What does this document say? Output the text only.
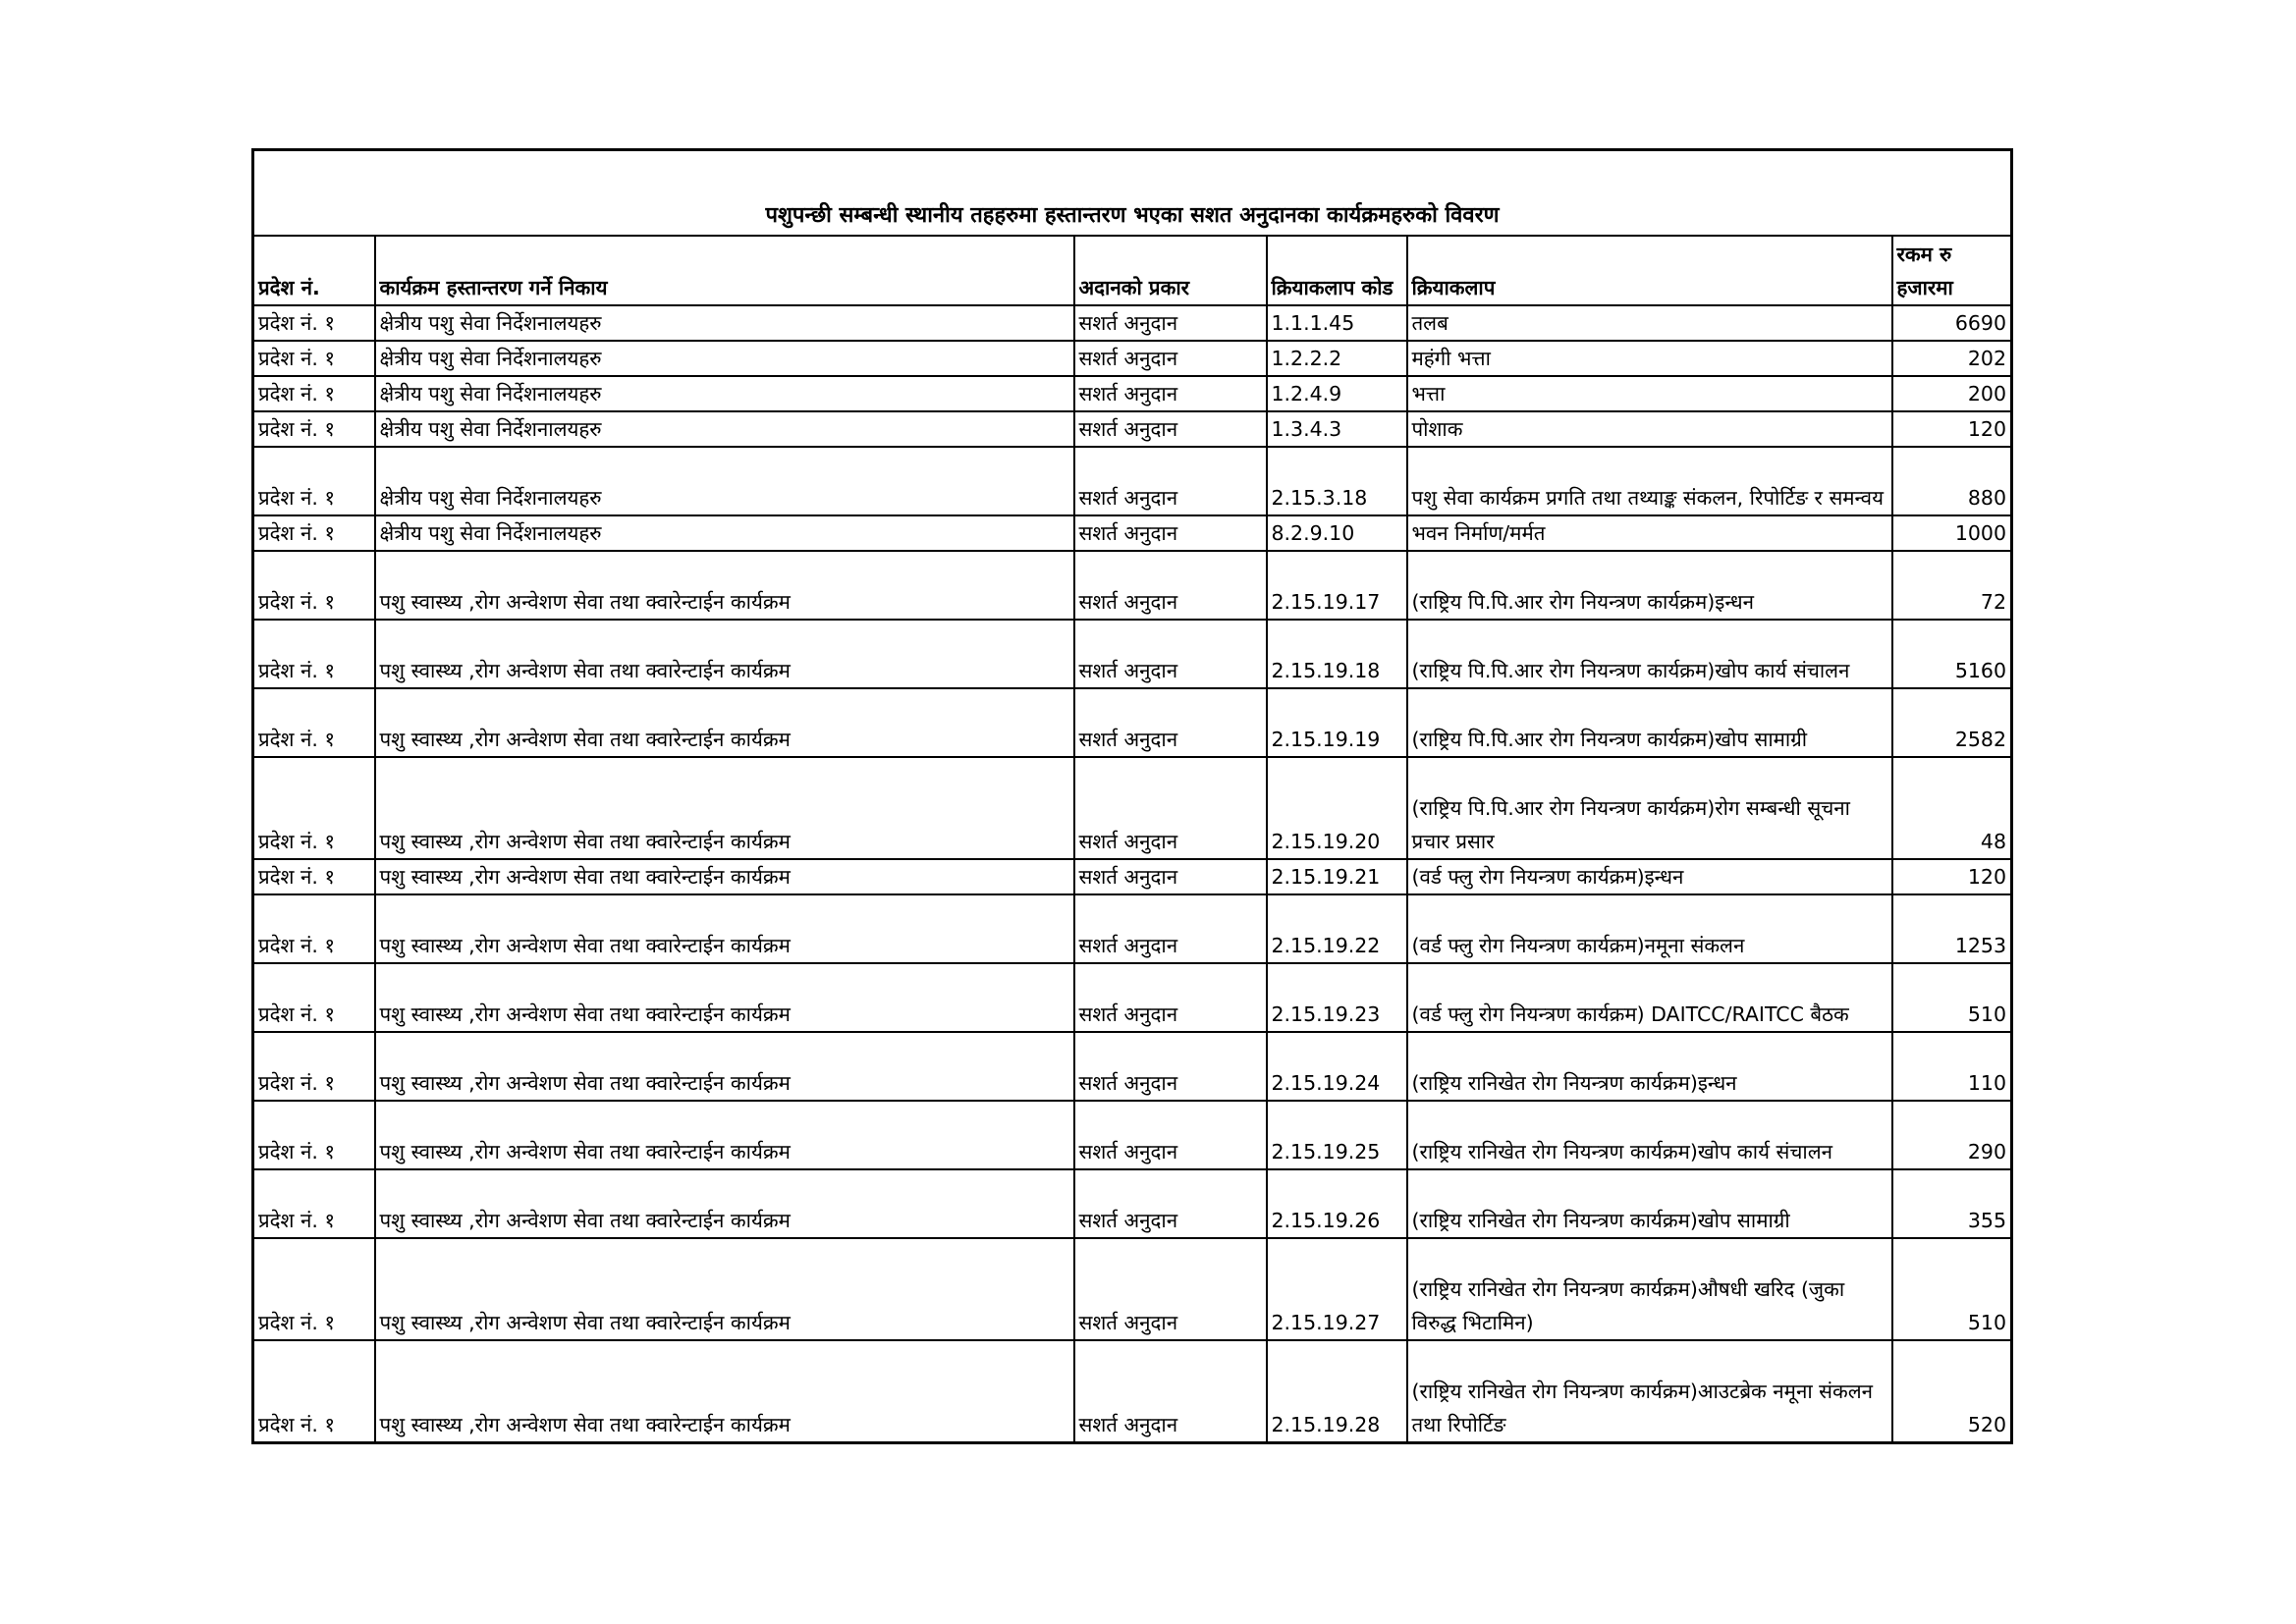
पशुपन्छी सम्बन्धी स्थानीय तहहरुमा हस्तान्तरण भएका सशत अनुदानका कार्यक्रमहरुको विवरण					
प्रदेश नं.	कार्यक्रम हस्तान्तरण गर्ने निकाय	अदानको प्रकार	क्रियाकलाप कोड	क्रियाकलाप	रकम रु हजारमा
प्रदेश नं. १	क्षेत्रीय पशु सेवा निर्देशनालयहरु	सशर्त अनुदान	1.1.1.45	तलब	6690
प्रदेश नं. १	क्षेत्रीय पशु सेवा निर्देशनालयहरु	सशर्त अनुदान	1.2.2.2	महंगी भत्ता	202
प्रदेश नं. १	क्षेत्रीय पशु सेवा निर्देशनालयहरु	सशर्त अनुदान	1.2.4.9	भत्ता	200
प्रदेश नं. १	क्षेत्रीय पशु सेवा निर्देशनालयहरु	सशर्त अनुदान	1.3.4.3	पोशाक	120
प्रदेश नं. १	क्षेत्रीय पशु सेवा निर्देशनालयहरु	सशर्त अनुदान	2.15.3.18	पशु सेवा कार्यक्रम प्रगति तथा तथ्याङ्क संकलन, रिपोर्टिङ र समन्वय	880
प्रदेश नं. १	क्षेत्रीय पशु सेवा निर्देशनालयहरु	सशर्त अनुदान	8.2.9.10	भवन निर्माण/मर्मत	1000
प्रदेश नं. १	पशु स्वास्थ्य ,रोग अन्वेशण सेवा तथा क्वारेन्टाईन कार्यक्रम	सशर्त अनुदान	2.15.19.17	(राष्ट्रिय पि.पि.आर रोग नियन्त्रण कार्यक्रम)इन्धन	72
प्रदेश नं. १	पशु स्वास्थ्य ,रोग अन्वेशण सेवा तथा क्वारेन्टाईन कार्यक्रम	सशर्त अनुदान	2.15.19.18	(राष्ट्रिय पि.पि.आर रोग नियन्त्रण कार्यक्रम)खोप कार्य संचालन	5160
प्रदेश नं. १	पशु स्वास्थ्य ,रोग अन्वेशण सेवा तथा क्वारेन्टाईन कार्यक्रम	सशर्त अनुदान	2.15.19.19	(राष्ट्रिय पि.पि.आर रोग नियन्त्रण कार्यक्रम)खोप सामाग्री	2582
प्रदेश नं. १	पशु स्वास्थ्य ,रोग अन्वेशण सेवा तथा क्वारेन्टाईन कार्यक्रम	सशर्त अनुदान	2.15.19.20	(राष्ट्रिय पि.पि.आर रोग नियन्त्रण कार्यक्रम)रोग सम्बन्धी सूचना प्रचार प्रसार	48
प्रदेश नं. १	पशु स्वास्थ्य ,रोग अन्वेशण सेवा तथा क्वारेन्टाईन कार्यक्रम	सशर्त अनुदान	2.15.19.21	(वर्ड फ्लु रोग नियन्त्रण कार्यक्रम)इन्धन	120
प्रदेश नं. १	पशु स्वास्थ्य ,रोग अन्वेशण सेवा तथा क्वारेन्टाईन कार्यक्रम	सशर्त अनुदान	2.15.19.22	(वर्ड फ्लु रोग नियन्त्रण कार्यक्रम)नमूना संकलन	1253
प्रदेश नं. १	पशु स्वास्थ्य ,रोग अन्वेशण सेवा तथा क्वारेन्टाईन कार्यक्रम	सशर्त अनुदान	2.15.19.23	(वर्ड फ्लु रोग नियन्त्रण कार्यक्रम) DAITCC/RAITCC बैठक	510
प्रदेश नं. १	पशु स्वास्थ्य ,रोग अन्वेशण सेवा तथा क्वारेन्टाईन कार्यक्रम	सशर्त अनुदान	2.15.19.24	(राष्ट्रिय रानिखेत रोग नियन्त्रण कार्यक्रम)इन्धन	110
प्रदेश नं. १	पशु स्वास्थ्य ,रोग अन्वेशण सेवा तथा क्वारेन्टाईन कार्यक्रम	सशर्त अनुदान	2.15.19.25	(राष्ट्रिय रानिखेत रोग नियन्त्रण कार्यक्रम)खोप कार्य संचालन	290
प्रदेश नं. १	पशु स्वास्थ्य ,रोग अन्वेशण सेवा तथा क्वारेन्टाईन कार्यक्रम	सशर्त अनुदान	2.15.19.26	(राष्ट्रिय रानिखेत रोग नियन्त्रण कार्यक्रम)खोप सामाग्री	355
प्रदेश नं. १	पशु स्वास्थ्य ,रोग अन्वेशण सेवा तथा क्वारेन्टाईन कार्यक्रम	सशर्त अनुदान	2.15.19.27	(राष्ट्रिय रानिखेत रोग नियन्त्रण कार्यक्रम)औषधी खरिद (जुका विरुद्ध भिटामिन)	510
प्रदेश नं. १	पशु स्वास्थ्य ,रोग अन्वेशण सेवा तथा क्वारेन्टाईन कार्यक्रम	सशर्त अनुदान	2.15.19.28	(राष्ट्रिय रानिखेत रोग नियन्त्रण कार्यक्रम)आउटब्रेक नमूना संकलन तथा रिपोर्टिङ	520
